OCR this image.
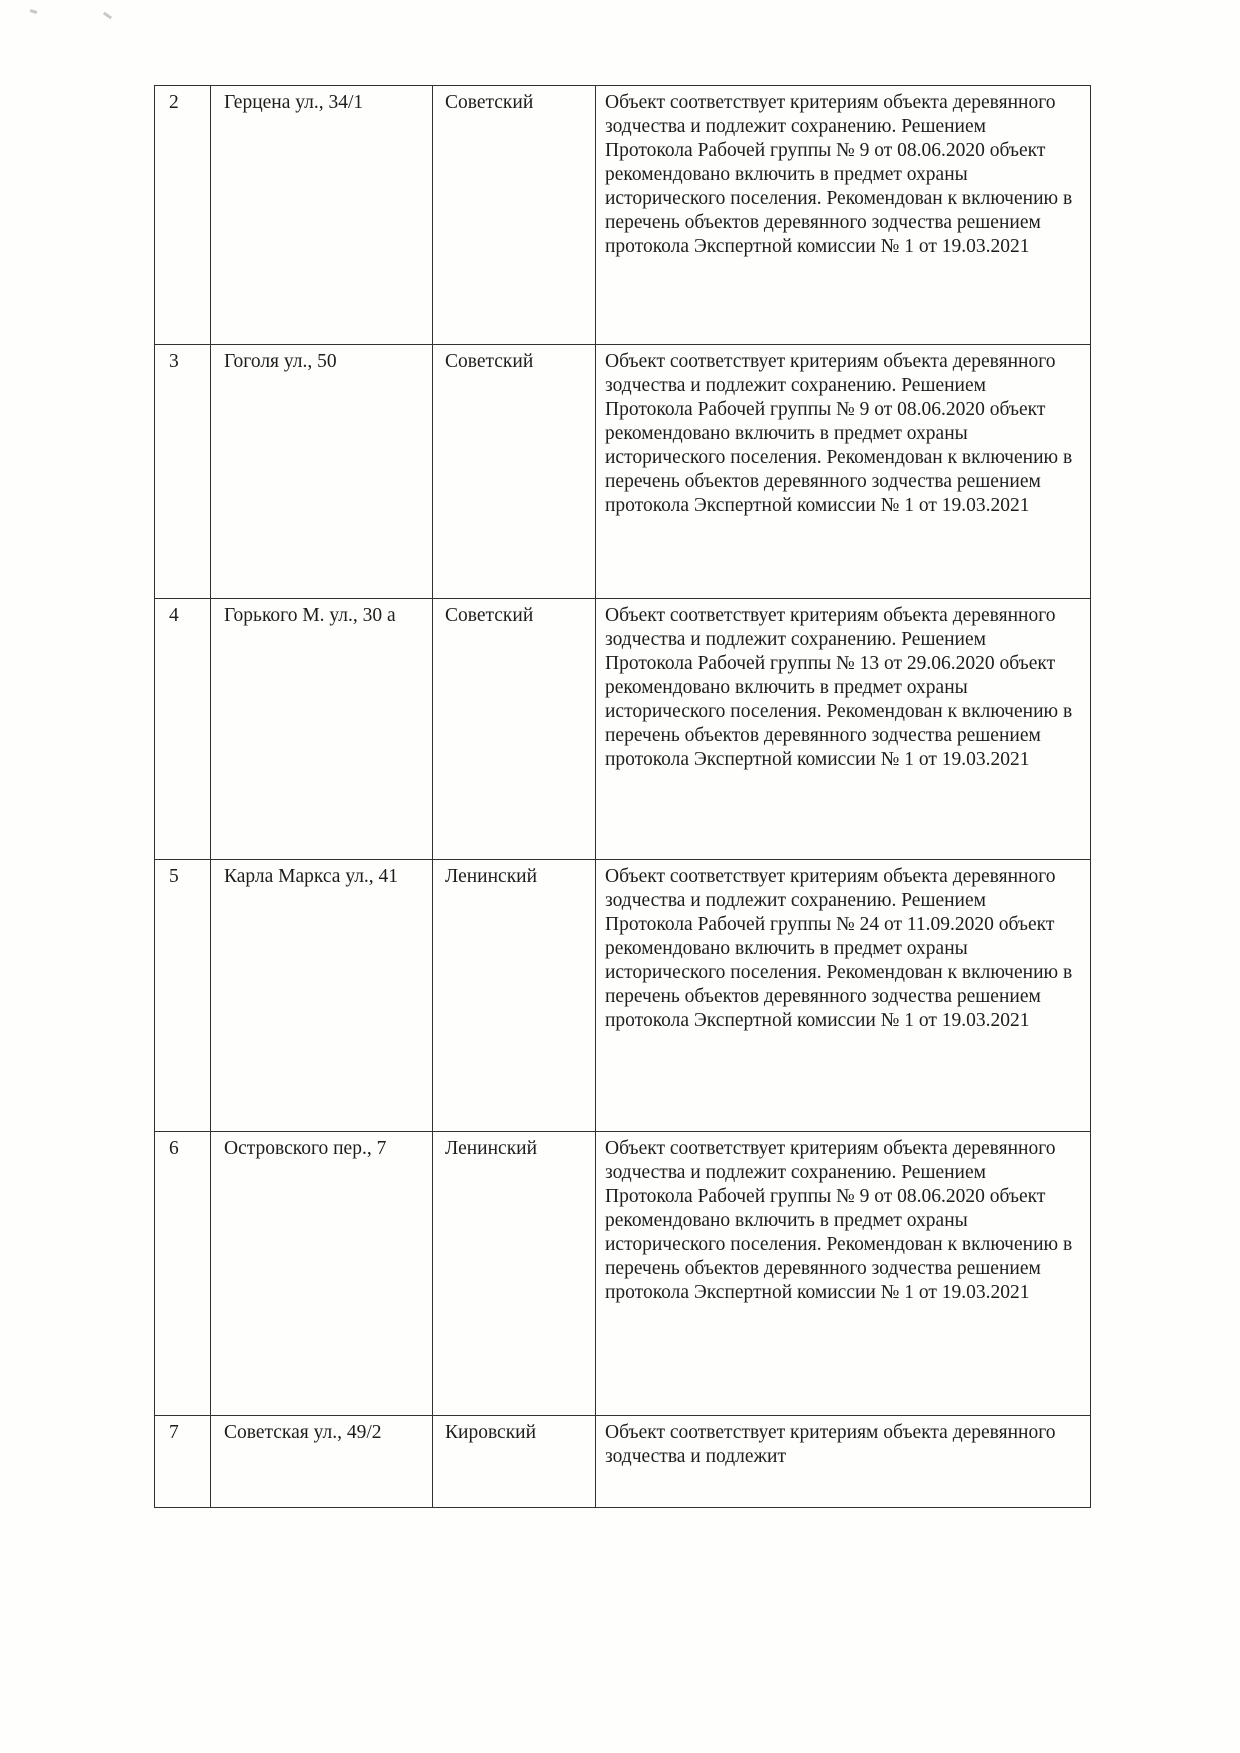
2	Герцена ул., 34/1	Советский	Объект соответствует критериям объекта деревянного зодчества и подлежит сохранению. Решением Протокола Рабочей группы № 9 от 08.06.2020 объект рекомендовано включить в предмет охраны исторического поселения. Рекомендован к включению в перечень объектов деревянного зодчества решением протокола Экспертной комиссии № 1 от 19.03.2021
3	Гоголя ул., 50	Советский	Объект соответствует критериям объекта деревянного зодчества и подлежит сохранению. Решением Протокола Рабочей группы № 9 от 08.06.2020 объект рекомендовано включить в предмет охраны исторического поселения. Рекомендован к включению в перечень объектов деревянного зодчества решением протокола Экспертной комиссии № 1 от 19.03.2021
4	Горького М. ул., 30 а	Советский	Объект соответствует критериям объекта деревянного зодчества и подлежит сохранению. Решением Протокола Рабочей группы № 13 от 29.06.2020 объект рекомендовано включить в предмет охраны исторического поселения. Рекомендован к включению в перечень объектов деревянного зодчества решением протокола Экспертной комиссии № 1 от 19.03.2021
5	Карла Маркса ул., 41	Ленинский	Объект соответствует критериям объекта деревянного зодчества и подлежит сохранению. Решением Протокола Рабочей группы № 24 от 11.09.2020 объект рекомендовано включить в предмет охраны исторического поселения. Рекомендован к включению в перечень объектов деревянного зодчества решением протокола Экспертной комиссии № 1 от 19.03.2021
6	Островского пер., 7	Ленинский	Объект соответствует критериям объекта деревянного зодчества и подлежит сохранению. Решением Протокола Рабочей группы № 9 от 08.06.2020 объект рекомендовано включить в предмет охраны исторического поселения. Рекомендован к включению в перечень объектов деревянного зодчества решением протокола Экспертной комиссии № 1 от 19.03.2021
7	Советская ул., 49/2	Кировский	Объект соответствует критериям объекта деревянного зодчества и подлежит
